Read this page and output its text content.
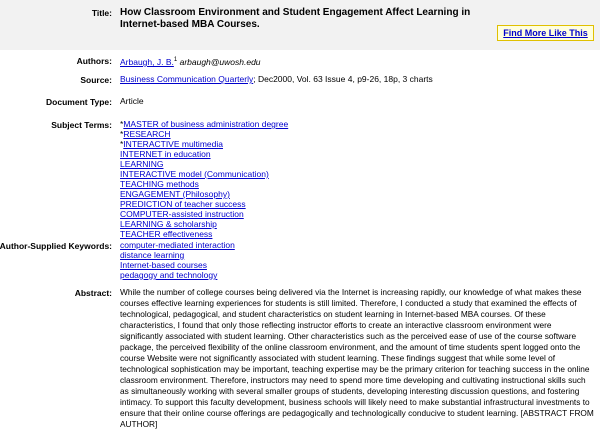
Title: How Classroom Environment and Student Engagement Affect Learning in Internet-based MBA Courses.
Find More Like This
Authors: Arbaugh, J. B.$^1$ arbaugh@uwosh.edu
Source: Business Communication Quarterly; Dec2000, Vol. 63 Issue 4, p9-26, 18p, 3 charts
Document Type: Article
Subject Terms: *MASTER of business administration degree
*RESEARCH
*INTERACTIVE multimedia
INTERNET in education
LEARNING
INTERACTIVE model (Communication)
TEACHING methods
ENGAGEMENT (Philosophy)
PREDICTION of teacher success
COMPUTER-assisted instruction
LEARNING & scholarship
TEACHER effectiveness
Author-Supplied Keywords: computer-mediated interaction
distance learning
Internet-based courses
pedagogy and technology
Abstract: While the number of college courses being delivered via the Internet is increasing rapidly, our knowledge of what makes these courses effective learning experiences for students is still limited. Therefore, I conducted a study that examined the effects of technological, pedagogical, and student characteristics on student learning in Internet-based MBA courses. Of these characteristics, I found that only those reflecting instructor efforts to create an interactive classroom environment were significantly associated with student learning. Other characteristics such as the perceived ease of use of the course software package, the perceived flexibility of the online classroom environment, and the amount of time students spent logged onto the course Website were not significantly associated with student learning. These findings suggest that while some level of technological sophistication may be important, teaching expertise may be the primary criterion for teaching success in the online classroom environment. Therefore, instructors may need to spend more time developing and cultivating instructional skills such as simultaneously working with several smaller groups of students, developing interesting discussion questions, and fostering intimacy. To support this faculty development, business schools will likely need to make substantial infrastructural investments to ensure that their online course offerings are pedagogically and technologically conducive to student learning. [ABSTRACT FROM AUTHOR]
